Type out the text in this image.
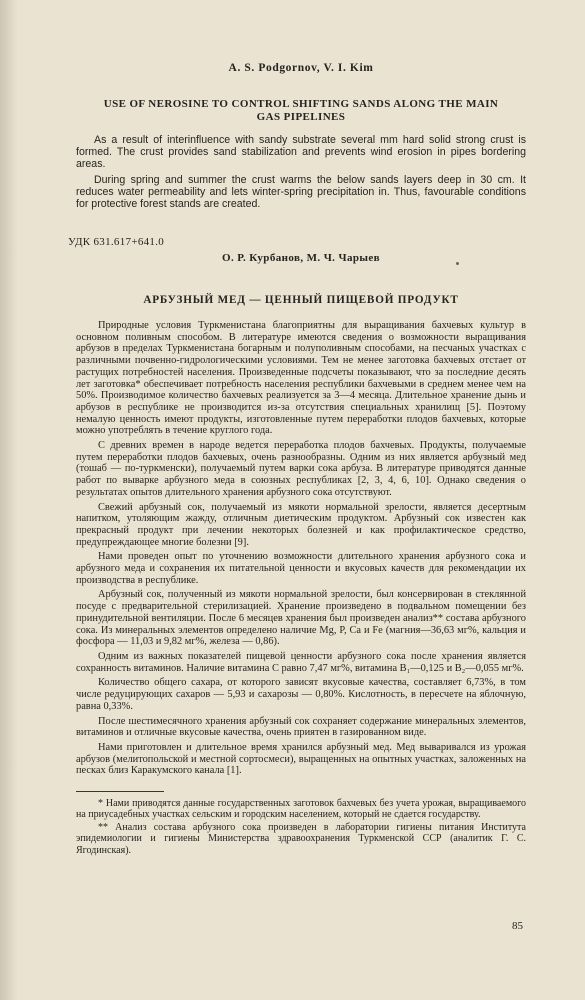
A. S. Podgornov, V. I. Kim
USE OF NEROSINE TO CONTROL SHIFTING SANDS ALONG THE MAIN
GAS PIPELINES

As a result of interinfluence with sandy substrate several mm hard solid strong crust is formed. The crust provides sand stabilization and prevents wind erosion in pipes bordering areas.

During spring and summer the crust warms the below sands layers deep in 30 cm. It reduces water permeability and lets winter-spring precipitation in. Thus, favourable conditions for protective forest stands are created.

УДК 631.617+641.0
О. Р. Курбанов, М. Ч. Чарыев
АРБУЗНЫЙ МЕД — ЦЕННЫЙ ПИЩЕВОЙ ПРОДУКТ

Природные условия Туркменистана благоприятны для выращивания бахчевых культур в основном поливным способом. В литературе имеются сведения о возможности выращивания арбузов в пределах Туркменистана богарным и полуполивным способами, на песчаных участках с различными почвенно-гидрологическими условиями. Тем не менее заготовка бахчевых отстает от растущих потребностей населения. Произведенные подсчеты показывают, что за последние десять лет заготовка* обеспечивает потребность населения республики бахчевыми в среднем менее чем на 50%. Производимое количество бахчевых реализуется за 3—4 месяца. Длительное хранение дынь и арбузов в республике не производится из-за отсутствия специальных хранилищ [5]. Поэтому немалую ценность имеют продукты, изготовленные путем переработки плодов бахчевых, которые можно употреблять в течение круглого года.

С древних времен в народе ведется переработка плодов бахчевых. Продукты, получаемые путем переработки плодов бахчевых, очень разнообразны. Одним из них является арбузный мед (тошаб — по-туркменски), получаемый путем варки сока арбуза. В литературе приводятся данные работ по выварке арбузного меда в союзных республиках [2, 3, 4, 6, 10]. Однако сведения о результатах опытов длительного хранения арбузного сока отсутствуют.

Свежий арбузный сок, получаемый из мякоти нормальной зрелости, является десертным напитком, утоляющим жажду, отличным диетическим продуктом. Арбузный сок известен как прекрасный продукт при лечении некоторых болезней и как профилактическое средство, предупреждающее многие болезни [9].

Нами проведен опыт по уточнению возможности длительного хранения арбузного сока и арбузного меда и сохранения их питательной ценности и вкусовых качеств для рекомендации их производства в республике.

Арбузный сок, полученный из мякоти нормальной зрелости, был консервирован в стеклянной посуде с предварительной стерилизацией. Хранение произведено в подвальном помещении без принудительной вентиляции. После 6 месяцев хранения был произведен анализ** состава арбузного сока. Из минеральных элементов определено наличие Mg, P, Ca и Fe (магния—36,63 мг%, кальция и фосфора — 11,03 и 9,82 мг%, железа — 0,86).

Одним из важных показателей пищевой ценности арбузного сока после хранения является сохранность витаминов. Наличие витамина С равно 7,47 мг%, витамина В₁—0,125 и В₂—0,055 мг%.

Количество общего сахара, от которого зависят вкусовые качества, составляет 6,73%, в том числе редуцирующих сахаров — 5,93 и сахарозы — 0,80%. Кислотность, в пересчете на яблочную, равна 0,33%.

После шестимесячного хранения арбузный сок сохраняет содержание минеральных элементов, витаминов и отличные вкусовые качества, очень приятен в газированном виде.

Нами приготовлен и длительное время хранился арбузный мед. Мед вываривался из урожая арбузов (мелитопольской и местной сортосмеси), выращенных на опытных участках, заложенных на песках близ Каракумского канала [1].

* Нами приводятся данные государственных заготовок бахчевых без учета урожая, выращиваемого на приусадебных участках сельским и городским населением, который не сдается государству.

** Анализ состава арбузного сока произведен в лаборатории гигиены питания Института эпидемиологии и гигиены Министерства здравоохранения Туркменской ССР (аналитик Г. С. Ягодинская).

85
